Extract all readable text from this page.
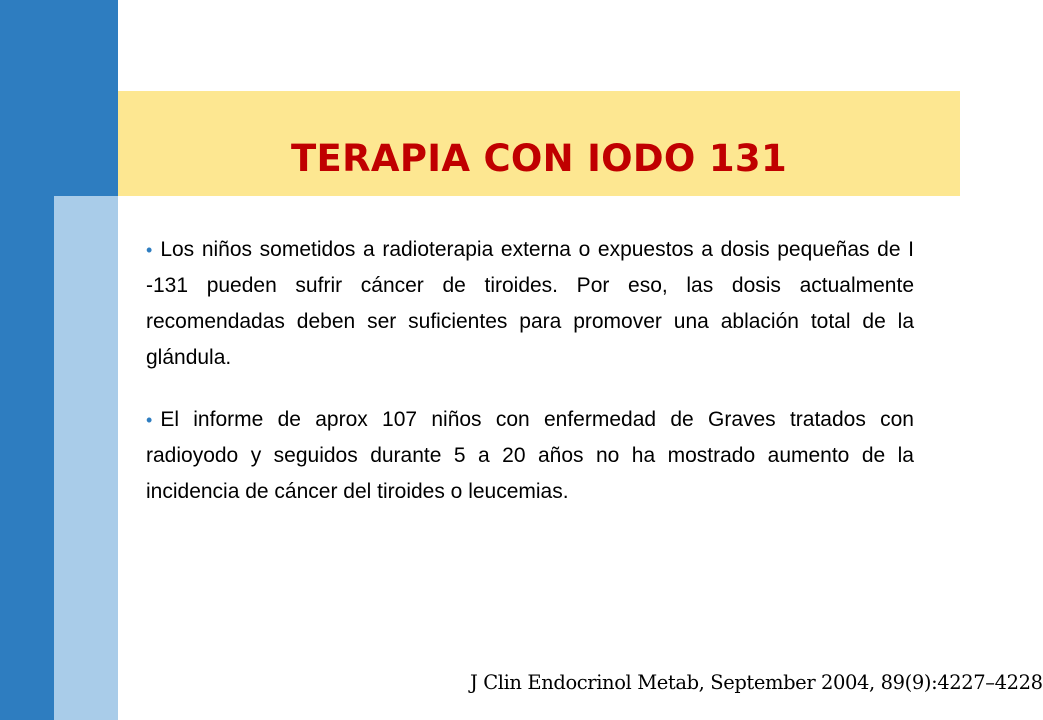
TERAPIA CON IODO 131
• Los niños sometidos a radioterapia externa o expuestos a dosis pequeñas de I -131 pueden sufrir cáncer de tiroides. Por eso, las dosis actualmente recomendadas deben ser suficientes para promover una ablación total de la glándula.
• El informe de aprox 107 niños con enfermedad de Graves tratados con radioyodo y seguidos durante 5 a 20 años no ha mostrado aumento de la incidencia de cáncer del tiroides o leucemias.

J Clin Endocrinol Metab, September 2004, 89(9):4227–4228
